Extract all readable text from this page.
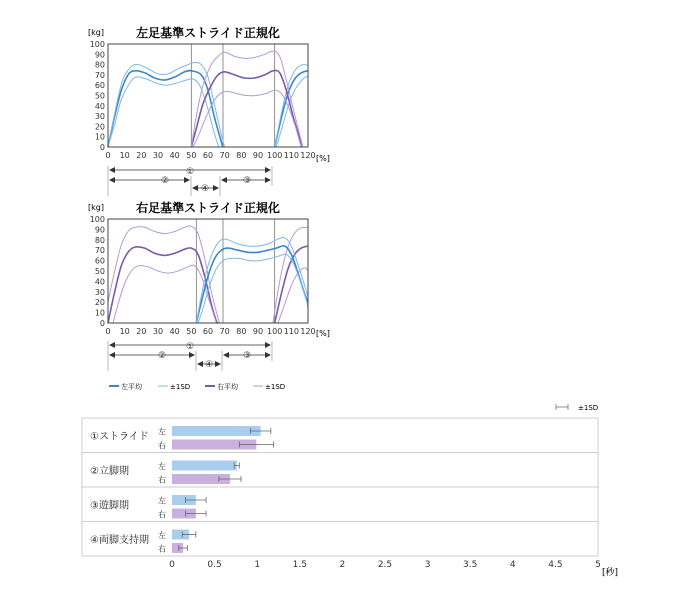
左足基準ストライド正規化
[kg]
[%]
0
10
20
30
40
50
60
70
80
90
100
0 10 20 30 40 50 60 70 80 90 100 110 120
①
②	③
④
右足基準ストライド正規化
[kg]
[%]
0
10
20
30
40
50
60
70
80
90
100
0 10 20 30 40 50 60 70 80 90 100 110 120
①
②	③
④
左平均	±1SD	右平均	±1SD
±1SD
①ストライド 左
右
②立脚期	左
右
③遊脚期	左
右
④両脚支持期 左
右
0	0.5	1	1.5	2	2.5	3	3.5	4	4.5	5
[秒]
